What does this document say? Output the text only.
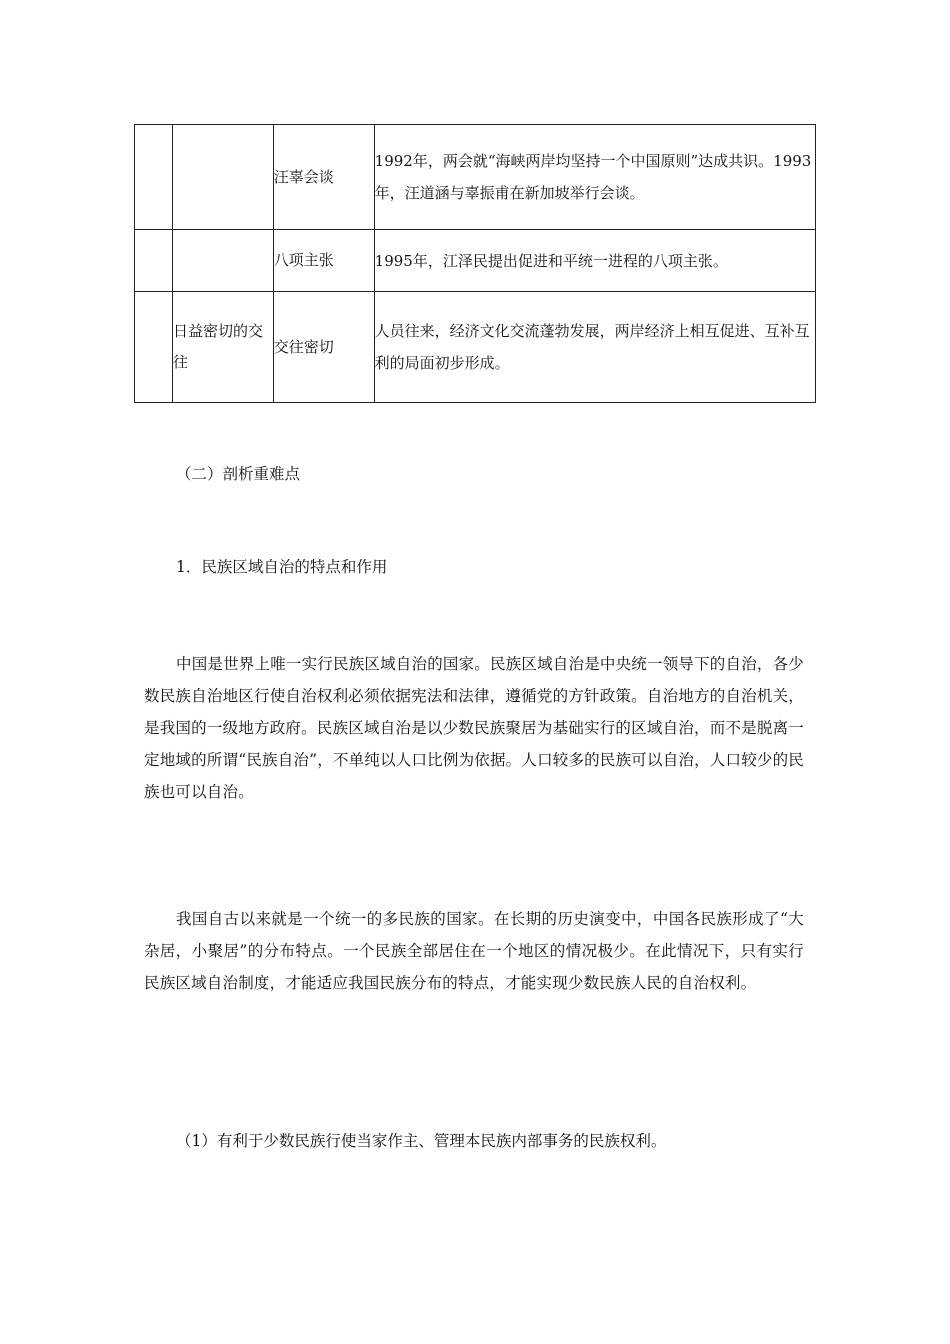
		汪辜会谈	1992年，两会就“海峡两岸均坚持一个中国原则”达成共识。1993年，汪道涵与辜振甫在新加坡举行会谈。
		八项主张	1995年，江泽民提出促进和平统一进程的八项主张。
	日益密切的交往	交往密切	人员往来，经济文化交流蓬勃发展，两岸经济上相互促进、互补互利的局面初步形成。

（二）剖析重难点

1．民族区域自治的特点和作用

中国是世界上唯一实行民族区域自治的国家。民族区域自治是中央统一领导下的自治，各少数民族自治地区行使自治权利必须依据宪法和法律，遵循党的方针政策。自治地方的自治机关，是我国的一级地方政府。民族区域自治是以少数民族聚居为基础实行的区域自治，而不是脱离一定地域的所谓“民族自治”，不单纯以人口比例为依据。人口较多的民族可以自治，人口较少的民族也可以自治。

我国自古以来就是一个统一的多民族的国家。在长期的历史演变中，中国各民族形成了“大杂居，小聚居”的分布特点。一个民族全部居住在一个地区的情况极少。在此情况下，只有实行民族区域自治制度，才能适应我国民族分布的特点，才能实现少数民族人民的自治权利。

（1）有利于少数民族行使当家作主、管理本民族内部事务的民族权利。
